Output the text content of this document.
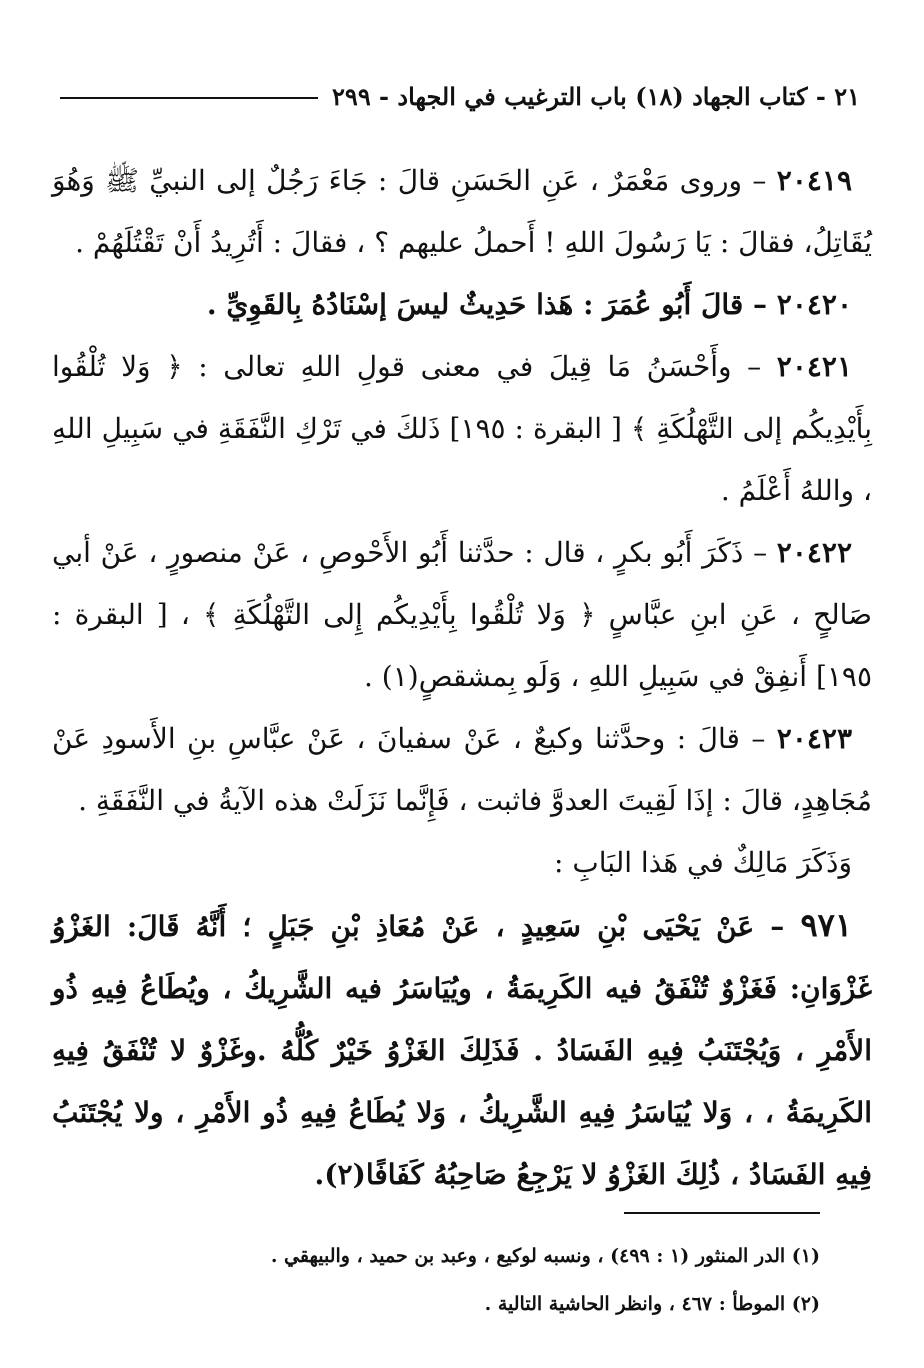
٢١ - كتاب الجهاد (١٨) باب الترغيب في الجهاد - ٢٩٩

٢٠٤١٩ – وروى مَعْمَرٌ ، عَنِ الحَسَنِ قالَ : جَاءَ رَجُلٌ إلى النبيِّ ﷺ وَهُوَ يُقَاتِلُ، فقالَ : يَا رَسُولَ اللهِ ! أَحملُ عليهم ؟ ، فقالَ : أَتُرِيدُ أَنْ تَقْتُلَهُمْ .

٢٠٤٢٠ – قالَ أَبُو عُمَرَ : هَذا حَدِيثٌ ليسَ إسْنَادُهُ بِالقَوِيِّ .

٢٠٤٢١ – وأَحْسَنُ مَا قِيلَ في معنى قولِ اللهِ تعالى : ﴿ وَلا تُلْقُوا بِأَيْدِيكُم إلى التَّهْلُكَةِ ﴾ [ البقرة : ١٩٥] ذَلكَ في تَرْكِ النَّفَقَةِ في سَبِيلِ اللهِ ، واللهُ أَعْلَمُ .

٢٠٤٢٢ – ذَكَرَ أَبُو بكرٍ ، قال : حدَّثنا أَبُو الأَحْوصِ ، عَنْ منصورٍ ، عَنْ أبي صَالحٍ ، عَنِ ابنِ عبَّاسٍ ﴿ وَلا تُلْقُوا بِأَيْدِيكُم إِلى التَّهْلُكَةِ ﴾ ، [ البقرة : ١٩٥] أَنفِقْ في سَبِيلِ اللهِ ، وَلَو بِمشقصٍ(١) .

٢٠٤٢٣ – قالَ : وحدَّثنا وكيعٌ ، عَنْ سفيانَ ، عَنْ عبَّاسِ بنِ الأَسودِ عَنْ مُجَاهِدٍ، قالَ : إذَا لَقِيتَ العدوَّ فاثبت ، فَإِنَّما نَزَلَتْ هذه الآيةُ في النَّفَقَةِ .

وَذَكَرَ مَالِكٌ في هَذا البَابِ :

٩٧١ – عَنْ يَحْيَى بْنِ سَعِيدٍ ، عَنْ مُعَاذِ بْنِ جَبَلٍ ؛ أَنَّهُ قَالَ: الغَزْوُ غَزْوَانِ: فَغَزْوٌ تُنْفَقُ فيه الكَرِيمَةُ ، ويُيَاسَرُ فيه الشَّرِيكُ ، ويُطَاعُ فِيهِ ذُو الأَمْرِ ، وَيُجْتَنَبُ فِيهِ الفَسَادُ . فَذَلِكَ الغَزْوُ خَيْرٌ كُلُّهُ .وغَزْوٌ لا تُنْفَقُ فِيهِ الكَرِيمَةُ ، ، وَلا يُيَاسَرُ فِيهِ الشَّرِيكُ ، وَلا يُطَاعُ فِيهِ ذُو الأَمْرِ ، ولا يُجْتَنَبُ فِيهِ الفَسَادُ ، ذُلِكَ الغَزْوُ لا يَرْجِعُ صَاحِبُهُ كَفَافًا(٢).

(١) الدر المنثور (١ : ٤٩٩) ، ونسبه لوكيع ، وعبد بن حميد ، والبيهقي .

(٢) الموطأ : ٤٦٧ ، وانظر الحاشية التالية .
